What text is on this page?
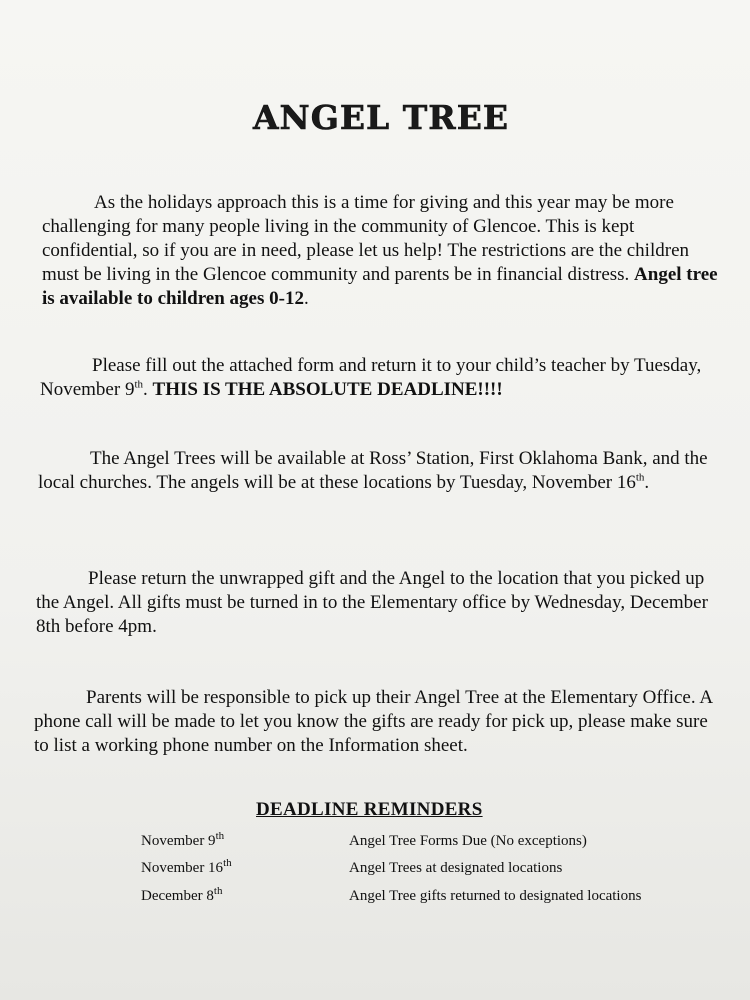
ANGEL TREE

As the holidays approach this is a time for giving and this year may be more challenging for many people living in the community of Glencoe. This is kept confidential, so if you are in need, please let us help! The restrictions are the children must be living in the Glencoe community and parents be in financial distress. Angel tree is available to children ages 0-12.

Please fill out the attached form and return it to your child’s teacher by Tuesday, November 9th. THIS IS THE ABSOLUTE DEADLINE!!!!

The Angel Trees will be available at Ross’ Station, First Oklahoma Bank, and the local churches. The angels will be at these locations by Tuesday, November 16th.

Please return the unwrapped gift and the Angel to the location that you picked up the Angel. All gifts must be turned in to the Elementary office by Wednesday, December 8th before 4pm.

Parents will be responsible to pick up their Angel Tree at the Elementary Office. A phone call will be made to let you know the gifts are ready for pick up, please make sure to list a working phone number on the Information sheet.

DEADLINE REMINDERS
November 9th	Angel Tree Forms Due (No exceptions)
November 16th	Angel Trees at designated locations
December 8th	Angel Tree gifts returned to designated locations
